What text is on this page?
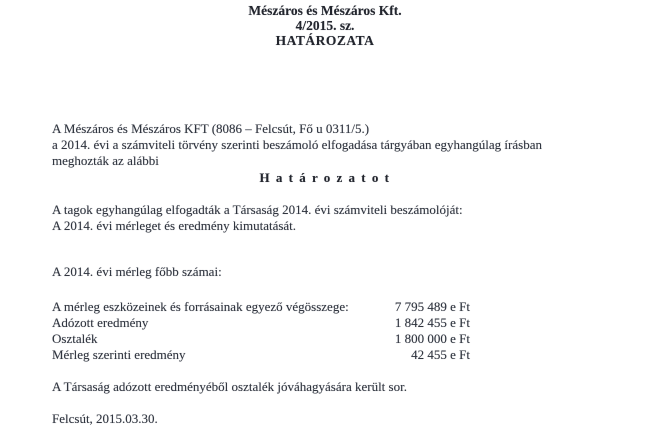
Mészáros és Mészáros Kft.
4/2015. sz.
HATÁROZATA
A Mészáros és Mészáros KFT (8086 – Felcsút, Fő u 0311/5.)
a 2014. évi a számviteli törvény szerinti beszámoló elfogadása tárgyában egyhangúlag írásban
meghozták az alábbi
H a t á r o z a t o t
A tagok egyhangúlag elfogadták a Társaság 2014. évi számviteli beszámolóját:
A 2014. évi mérleget és eredmény kimutatását.
A 2014. évi mérleg főbb számai:
A mérleg eszközeinek és forrásainak egyező végösszege:	7 795 489 e Ft
Adózott eredmény	1 842 455 e Ft
Osztalék	1 800 000 e Ft
Mérleg szerinti eredmény	42 455 e Ft
A Társaság adózott eredményéből osztalék jóváhagyására került sor.
Felcsút, 2015.03.30.
